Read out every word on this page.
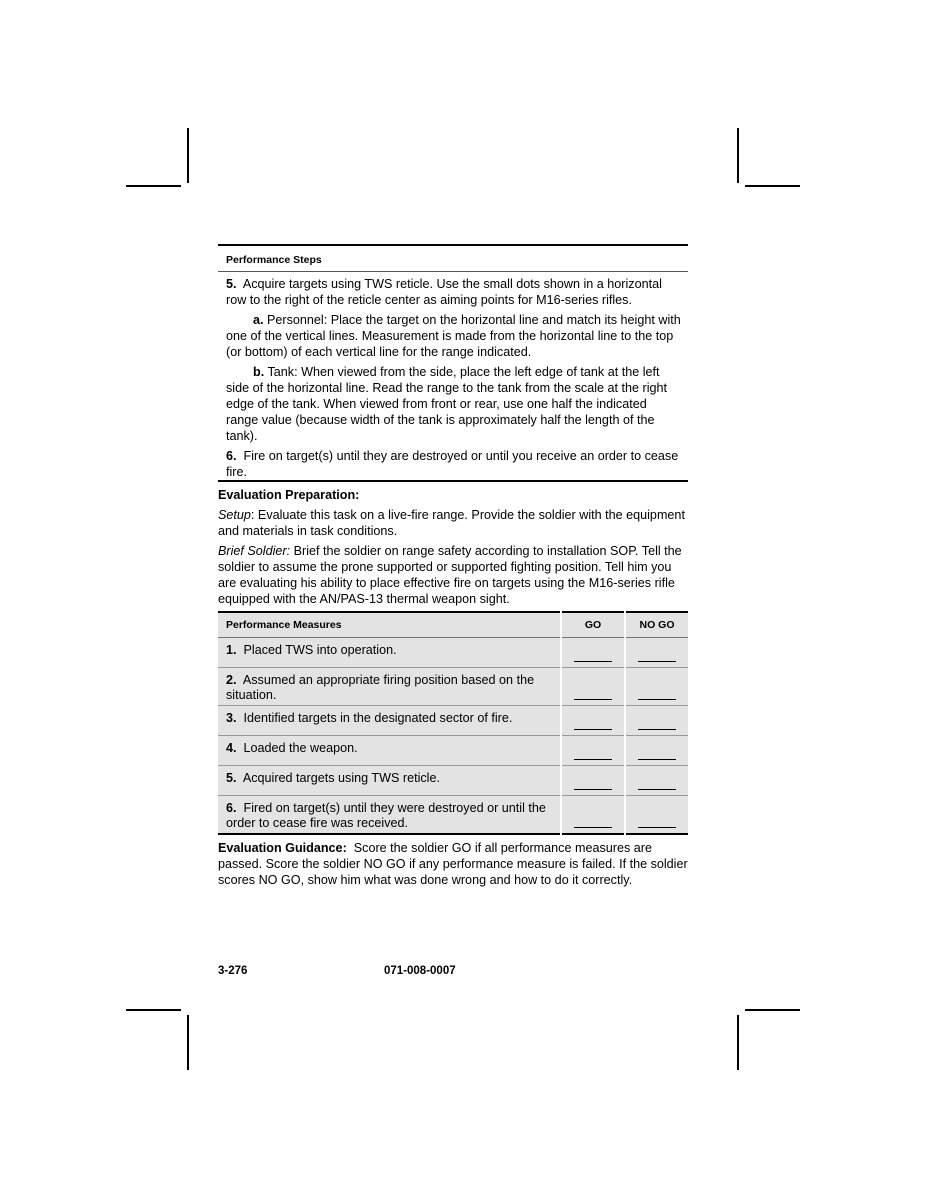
Performance Steps

5. Acquire targets using TWS reticle. Use the small dots shown in a horizontal row to the right of the reticle center as aiming points for M16-series rifles.

a. Personnel: Place the target on the horizontal line and match its height with one of the vertical lines. Measurement is made from the horizontal line to the top (or bottom) of each vertical line for the range indicated.

b. Tank: When viewed from the side, place the left edge of tank at the left side of the horizontal line. Read the range to the tank from the scale at the right edge of the tank. When viewed from front or rear, use one half the indicated range value (because width of the tank is approximately half the length of the tank).

6. Fire on target(s) until they are destroyed or until you receive an order to cease fire.

Evaluation Preparation:

Setup: Evaluate this task on a live-fire range. Provide the soldier with the equipment and materials in task conditions.

Brief Soldier: Brief the soldier on range safety according to installation SOP. Tell the soldier to assume the prone supported or supported fighting position. Tell him you are evaluating his ability to place effective fire on targets using the M16-series rifle equipped with the AN/PAS-13 thermal weapon sight.

Performance Measures	GO	NO GO
1. Placed TWS into operation.	

2. Assumed an appropriate firing position based on the situation.	

3. Identified targets in the designated sector of fire.	

4. Loaded the weapon.	

5. Acquired targets using TWS reticle.	

6. Fired on target(s) until they were destroyed or until the order to cease fire was received.	

Evaluation Guidance:  Score the soldier GO if all performance measures are passed. Score the soldier NO GO if any performance measure is failed. If the soldier scores NO GO, show him what was done wrong and how to do it correctly.
3-276	071-008-0007
